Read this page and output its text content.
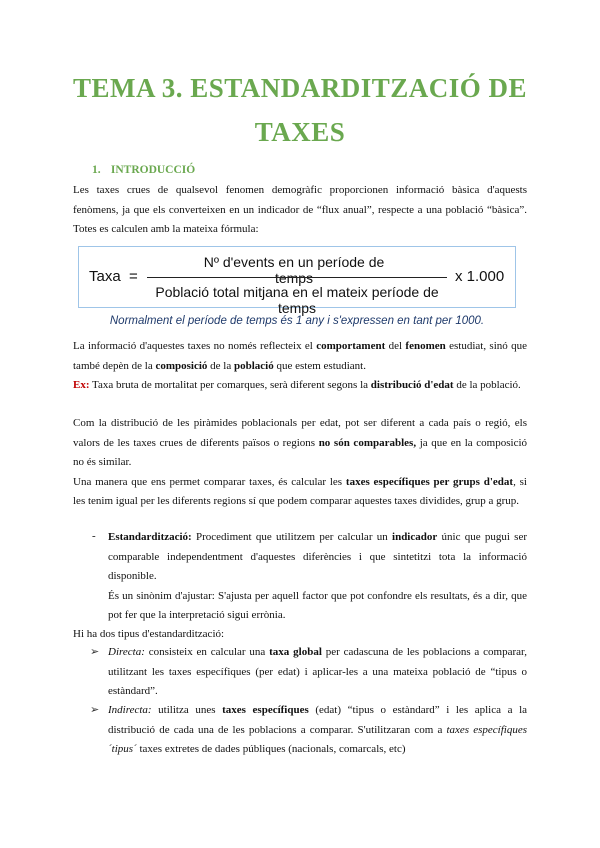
TEMA 3. ESTANDARDITZACIÓ DE
TAXES
1. INTRODUCCIÓ
Les taxes crues de qualsevol fenomen demogràfic proporcionen informació bàsica d'aquests
fenòmens, ja que els converteixen en un indicador de “flux anual”, respecte a una població “bàsica”.
Totes es calculen amb la mateixa fórmula:
Taxa =
Nº d'events en un període de temps
Població total mitjana en el mateix període de temps
x 1.000
Normalment el període de temps és 1 any i s'expressen en tant per 1000.
La informació d'aquestes taxes no només reflecteix el comportament del fenomen estudiat, sinó que
també depèn de la composició de la població que estem estudiant.
Ex: Taxa bruta de mortalitat per comarques, serà diferent segons la distribució d'edat de la població.
Com la distribució de les piràmides poblacionals per edat, pot ser diferent a cada país o regió, els
valors de les taxes crues de diferents països o regions no són comparables, ja que en la composició
no és similar.
Una manera que ens permet comparar taxes, és calcular les taxes específiques per grups d'edat, si
les tenim igual per les diferents regions sí que podem comparar aquestes taxes dividides, grup a grup.
- Estandardització: Procediment que utilitzem per calcular un indicador únic que pugui ser
comparable independentment d'aquestes diferències i que sintetitzi tota la informació
disponible.
És un sinònim d'ajustar: S'ajusta per aquell factor que pot confondre els resultats, és a dir, que
pot fer que la interpretació sigui errònia.
Hi ha dos tipus d'estandardització:
➢ Directa: consisteix en calcular una taxa global per cadascuna de les poblacions a comparar,
utilitzant les taxes específiques (per edat) i aplicar-les a una mateixa població de “tipus o
estàndard”.
➢ Indirecta: utilitza unes taxes específiques (edat) “tipus o estàndard” i les aplica a la
distribució de cada una de les poblacions a comparar. S'utilitzaran com a taxes específiques
´tipus´ taxes extretes de dades públiques (nacionals, comarcals, etc)
